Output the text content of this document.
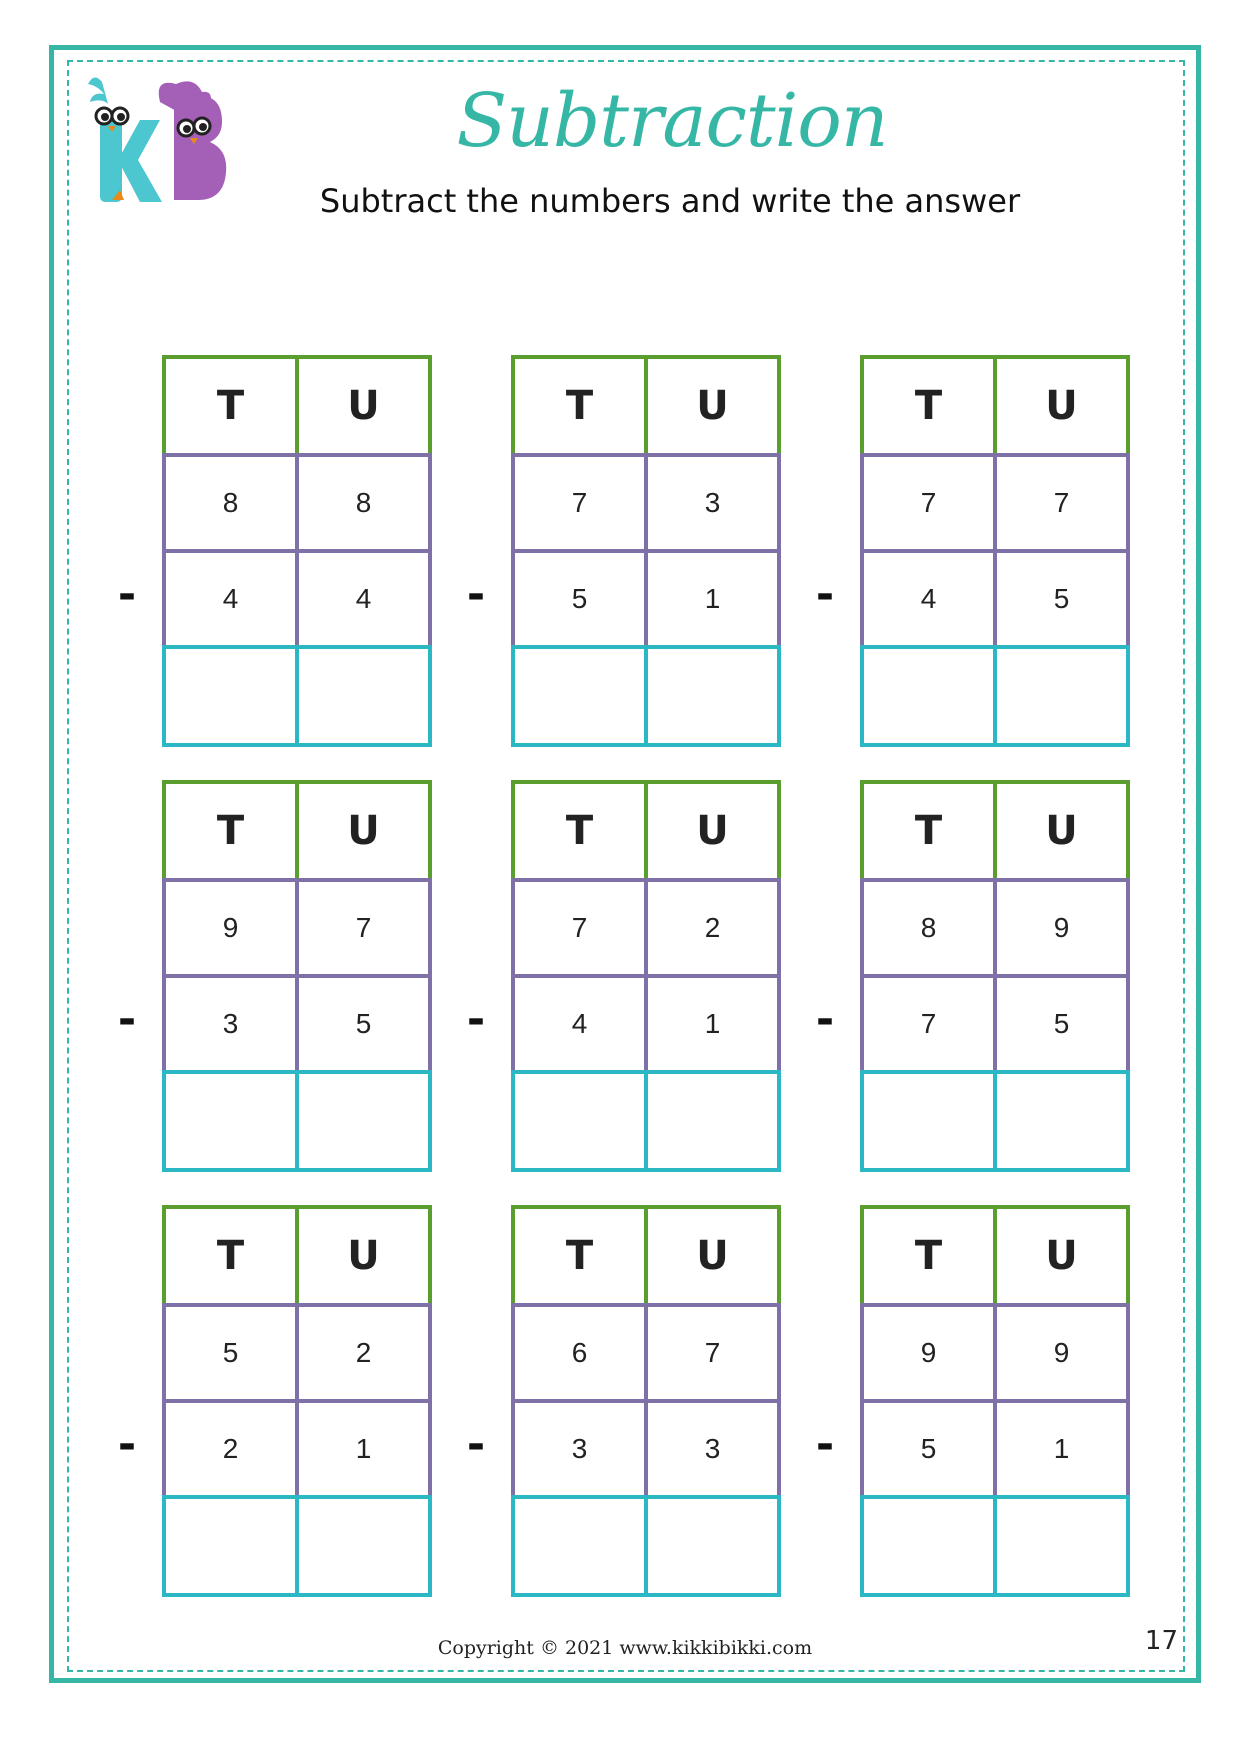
Subtraction
Subtract the numbers and write the answer
T	U
8	8
4	4
-
T	U
7	3
5	1
-
T	U
7	7
4	5
-
T	U
9	7
3	5
-
T	U
7	2
4	1
-
T	U
8	9
7	5
-
T	U
5	2
2	1
-
T	U
6	7
3	3
-
T	U
9	9
5	1
-
Copyright © 2021 www.kikkibikki.com	17
